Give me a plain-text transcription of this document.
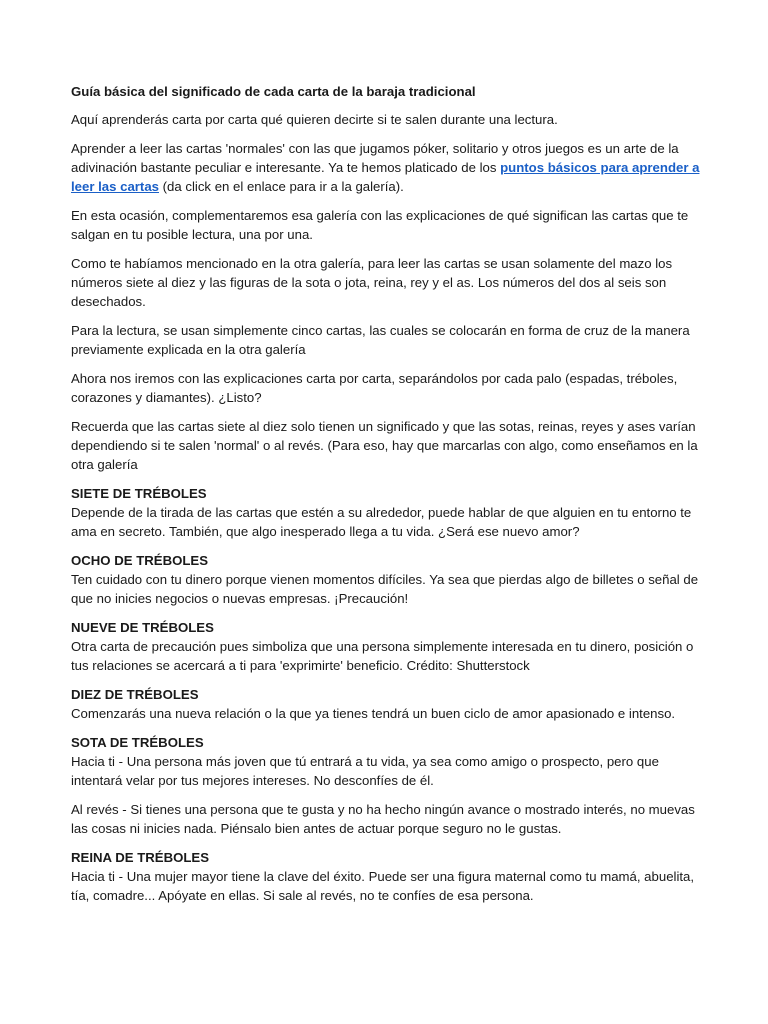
Guía básica del significado de cada carta de la baraja tradicional

Aquí aprenderás carta por carta qué quieren decirte si te salen durante una lectura.

Aprender a leer las cartas 'normales' con las que jugamos póker, solitario y otros juegos es un arte de la adivinación bastante peculiar e interesante. Ya te hemos platicado de los puntos básicos para aprender a leer las cartas (da click en el enlace para ir a la galería).

En esta ocasión, complementaremos esa galería con las explicaciones de qué significan las cartas que te salgan en tu posible lectura, una por una.

Como te habíamos mencionado en la otra galería, para leer las cartas se usan solamente del mazo los números siete al diez y las figuras de la sota o jota, reina, rey y el as. Los números del dos al seis son desechados.

Para la lectura, se usan simplemente cinco cartas, las cuales se colocarán en forma de cruz de la manera previamente explicada en la otra galería

Ahora nos iremos con las explicaciones carta por carta, separándolos por cada palo (espadas, tréboles, corazones y diamantes). ¿Listo?

Recuerda que las cartas siete al diez solo tienen un significado y que las sotas, reinas, reyes y ases varían dependiendo si te salen 'normal' o al revés. (Para eso, hay que marcarlas con algo, como enseñamos en la otra galería

SIETE DE TRÉBOLES

Depende de la tirada de las cartas que estén a su alrededor, puede hablar de que alguien en tu entorno te ama en secreto. También, que algo inesperado llega a tu vida. ¿Será ese nuevo amor?

OCHO DE TRÉBOLES

Ten cuidado con tu dinero porque vienen momentos difíciles. Ya sea que pierdas algo de billetes o señal de que no inicies negocios o nuevas empresas. ¡Precaución!

NUEVE DE TRÉBOLES

Otra carta de precaución pues simboliza que una persona simplemente interesada en tu dinero, posición o tus relaciones se acercará a ti para 'exprimirte' beneficio. Crédito: Shutterstock

DIEZ DE TRÉBOLES

Comenzarás una nueva relación o la que ya tienes tendrá un buen ciclo de amor apasionado e intenso.

SOTA DE TRÉBOLES

Hacia ti - Una persona más joven que tú entrará a tu vida, ya sea como amigo o prospecto, pero que intentará velar por tus mejores intereses. No desconfíes de él.

Al revés - Si tienes una persona que te gusta y no ha hecho ningún avance o mostrado interés, no muevas las cosas ni inicies nada. Piénsalo bien antes de actuar porque seguro no le gustas.

REINA DE TRÉBOLES

Hacia ti - Una mujer mayor tiene la clave del éxito. Puede ser una figura maternal como tu mamá, abuelita, tía, comadre... Apóyate en ellas. Si sale al revés, no te confíes de esa persona.
